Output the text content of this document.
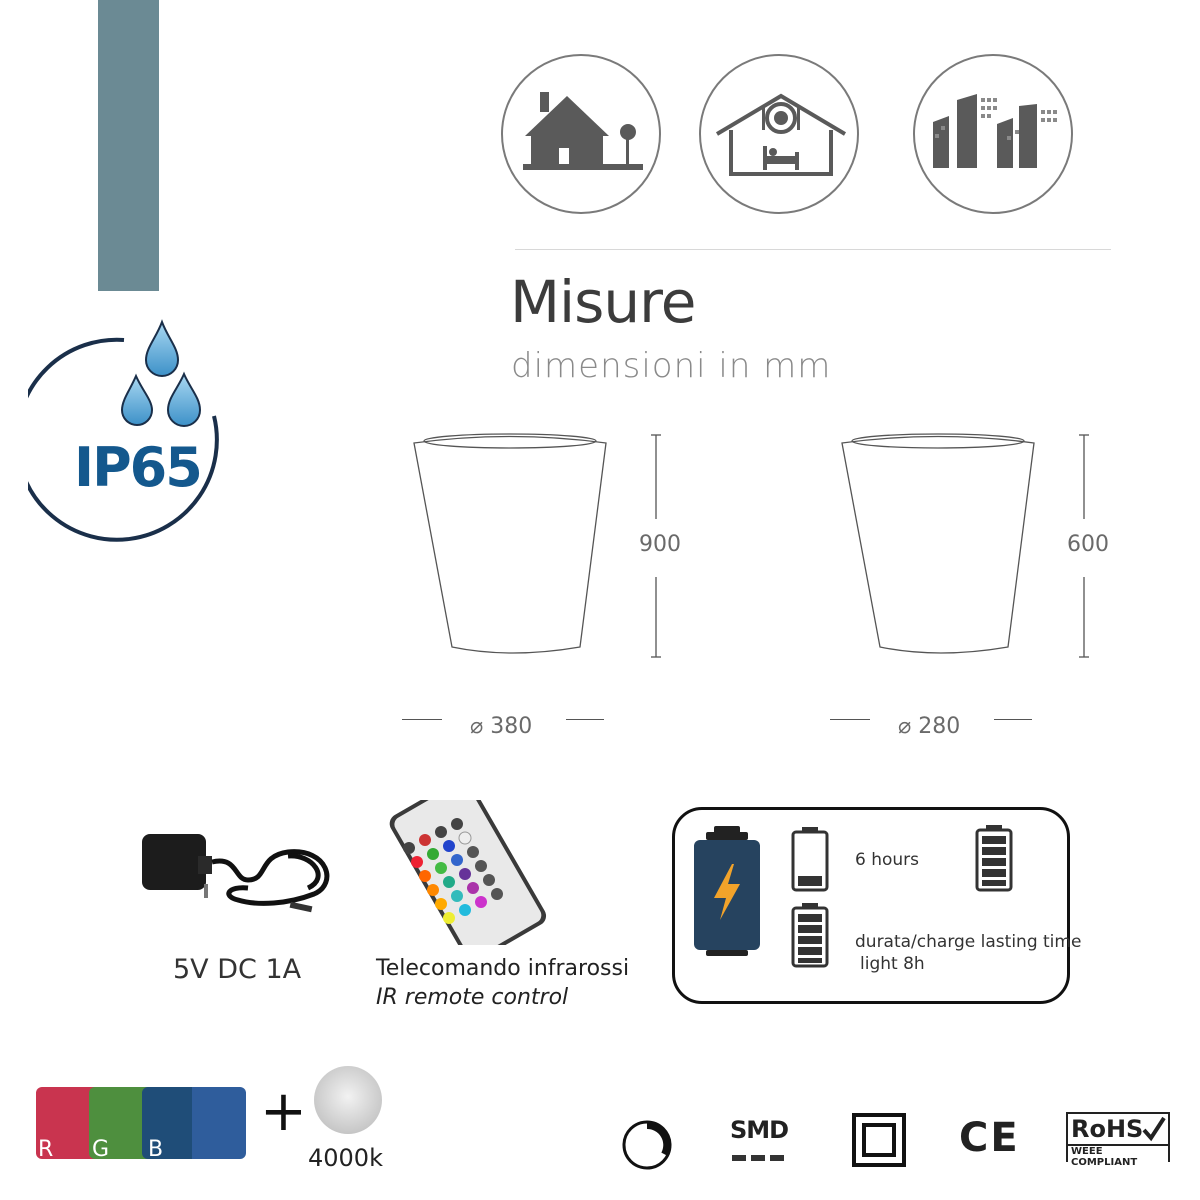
IP65
Misure
dimensioni in mm
900
⌀ 380
600
⌀ 280
5V DC 1A	Telecomando infrarossi
IR remote control
6 hours
durata/charge lasting time
light 8h
R G B
+
4000k
SMD	CE RoHS
WEEE COMPLIANT
